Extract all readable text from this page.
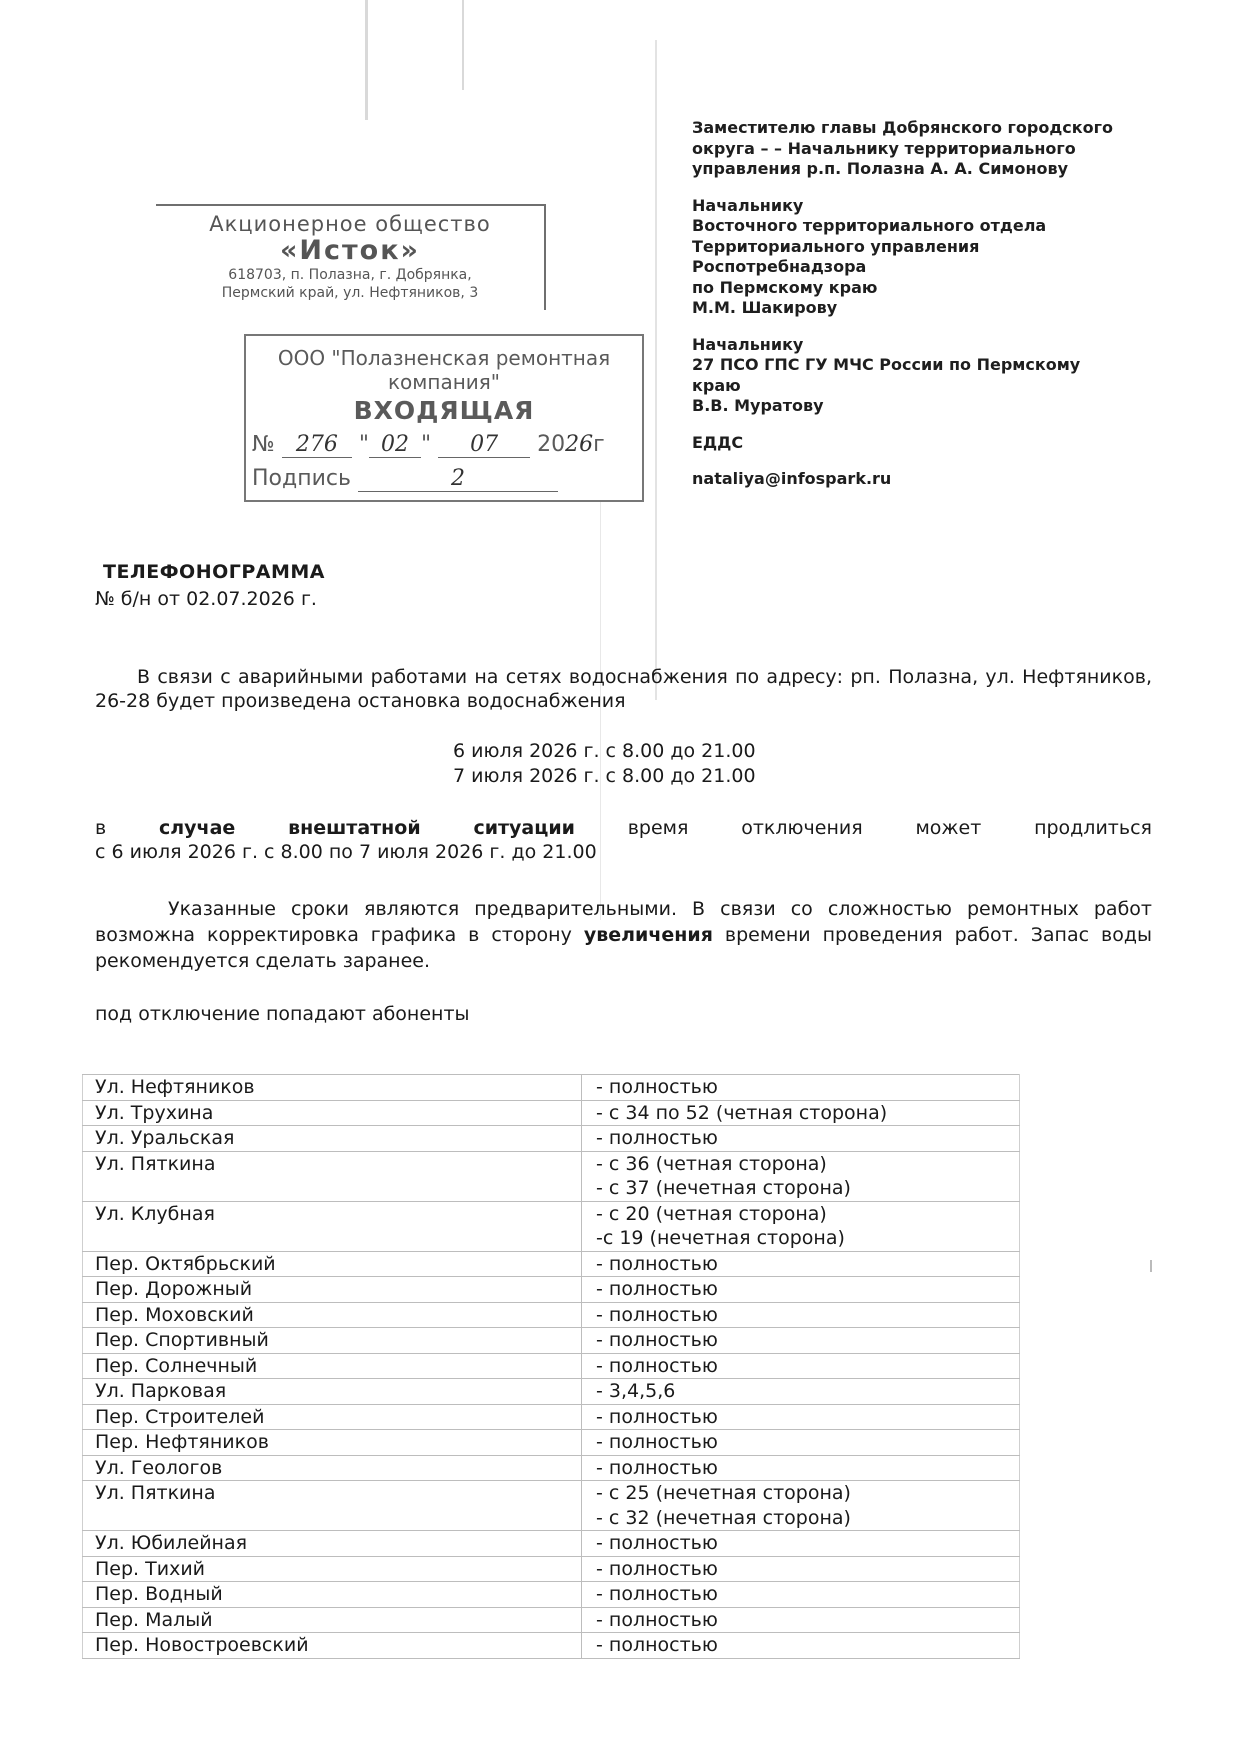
Заместителю главы Добрянского городского
округа – – Начальнику территориального
управления р.п. Полазна А. А. Симонову
Начальнику
Восточного территориального отдела
Территориального управления
Роспотребнадзора
по Пермскому краю
М.М. Шакирову
Начальнику
27 ПСО ГПС ГУ МЧС России по Пермскому
краю
В.В. Муратову
ЕДДС
nataliya@infospark.ru
Акционерное общество
«Исток»
618703, п. Полазна, г. Добрянка,
Пермский край, ул. Нефтяников, 3
ООО "Полазненская ремонтная
компания"
ВХОДЯЩАЯ
№ 276 " 02 " 07 2026г
Подпись	2
ТЕЛЕФОНОГРАММА
№ б/н от 02.07.2026 г.
В связи с аварийными работами на сетях водоснабжения по адресу: рп. Полазна, ул. Нефтяников, 26-28 будет произведена остановка водоснабжения
6 июля 2026 г. с 8.00 до 21.00
7 июля 2026 г. с 8.00 до 21.00
в	случае	внештатной	ситуации	время	отключения	может	продлиться
с 6 июля 2026 г. с 8.00 по 7 июля 2026 г. до 21.00
Указанные сроки являются предварительными. В связи со сложностью ремонтных работ возможна корректировка графика в сторону увеличения времени проведения работ. Запас воды рекомендуется сделать заранее.
под отключение попадают абоненты
Ул. Нефтяников	- полностью

Ул. Трухина	- с 34 по 52 (четная сторона)

Ул. Уральская	- полностью

Ул. Пяткина	- с 36 (четная сторона)
- с 37 (нечетная сторона)

Ул. Клубная	- с 20 (четная сторона)
-с 19 (нечетная сторона)

Пер. Октябрьский	- полностью

Пер. Дорожный	- полностью

Пер. Моховский	- полностью

Пер. Спортивный	- полностью

Пер. Солнечный	- полностью

Ул. Парковая	- 3,4,5,6

Пер. Строителей	- полностью

Пер. Нефтяников	- полностью

Ул. Геологов	- полностью

Ул. Пяткина	- с 25 (нечетная сторона)
- с 32 (нечетная сторона)

Ул. Юбилейная	- полностью

Пер. Тихий	- полностью

Пер. Водный	- полностью

Пер. Малый	- полностью

Пер. Новостроевский	- полностью
